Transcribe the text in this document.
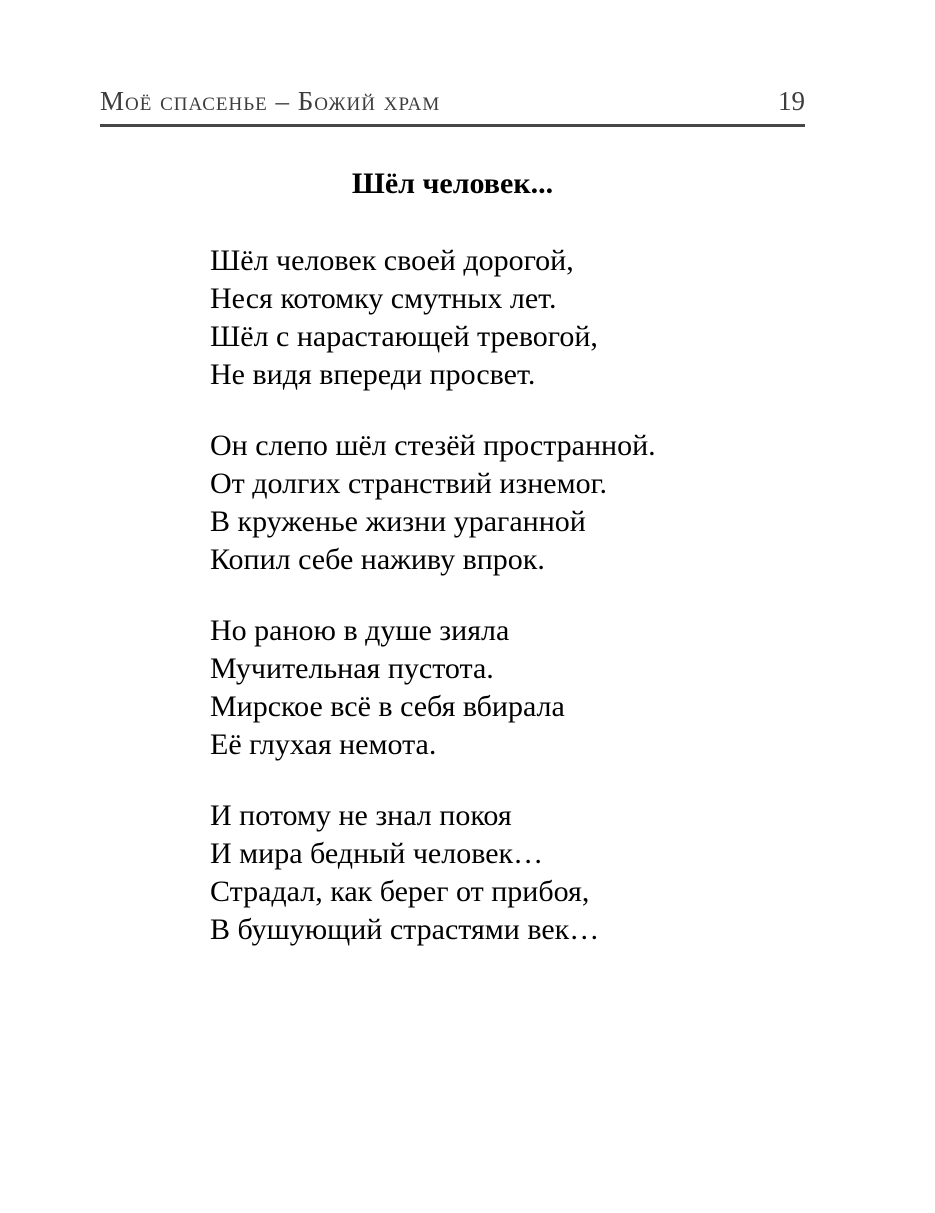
Моё спасенье – Божий храм	19
Шёл человек...
Шёл человек своей дорогой,
Неся котомку смутных лет.
Шёл с нарастающей тревогой,
Не видя впереди просвет.
Он слепо шёл стезёй пространной.
От долгих странствий изнемог.
В круженье жизни ураганной
Копил себе наживу впрок.
Но раною в душе зияла
Мучительная пустота.
Мирское всё в себя вбирала
Её глухая немота.
И потому не знал покоя
И мира бедный человек…
Страдал, как берег от прибоя,
В бушующий страстями век…
